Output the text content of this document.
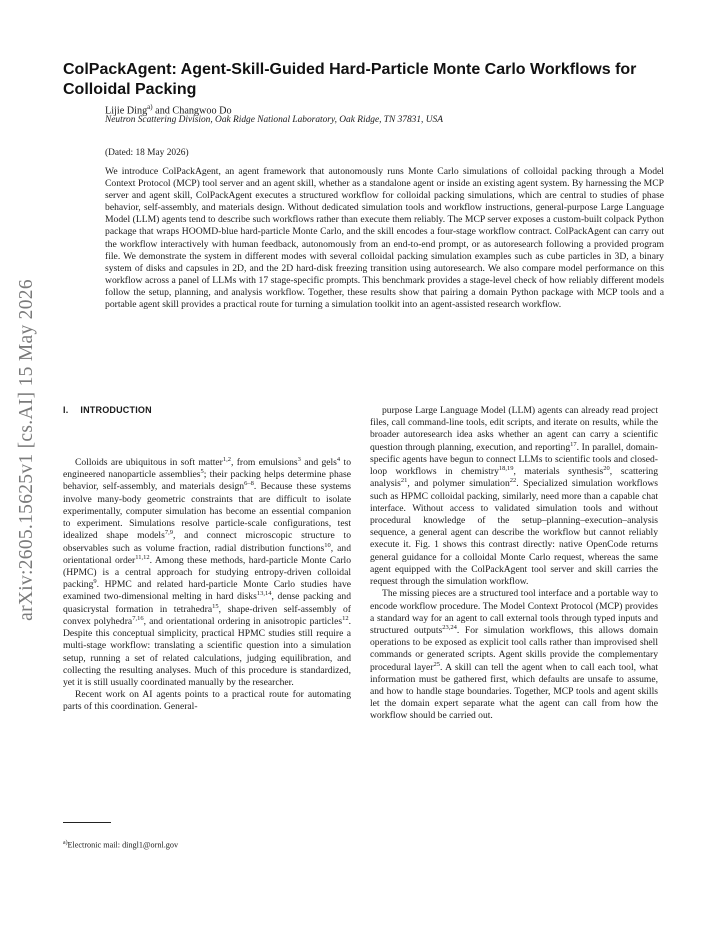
arXiv:2605.15625v1 [cs.AI] 15 May 2026
ColPackAgent: Agent-Skill-Guided Hard-Particle Monte Carlo Workflows for Colloidal Packing
Lijie Ding$^{a)}$ and Changwoo Do
Neutron Scattering Division, Oak Ridge National Laboratory, Oak Ridge, TN 37831, USA
(Dated: 18 May 2026)
We introduce ColPackAgent, an agent framework that autonomously runs Monte Carlo simulations of colloidal packing through a Model Context Protocol (MCP) tool server and an agent skill, whether as a standalone agent or inside an existing agent system. By harnessing the MCP server and agent skill, ColPackAgent executes a structured workflow for colloidal packing simulations, which are central to studies of phase behavior, self-assembly, and materials design. Without dedicated simulation tools and workflow instructions, general-purpose Large Language Model (LLM) agents tend to describe such workflows rather than execute them reliably. The MCP server exposes a custom-built colpack Python package that wraps HOOMD-blue hard-particle Monte Carlo, and the skill encodes a four-stage workflow contract. ColPackAgent can carry out the workflow interactively with human feedback, autonomously from an end-to-end prompt, or as autoresearch following a provided program file. We demonstrate the system in different modes with several colloidal packing simulation examples such as cube particles in 3D, a binary system of disks and capsules in 2D, and the 2D hard-disk freezing transition using autoresearch. We also compare model performance on this workflow across a panel of LLMs with 17 stage-specific prompts. This benchmark provides a stage-level check of how reliably different models follow the setup, planning, and analysis workflow. Together, these results show that pairing a domain Python package with MCP tools and a portable agent skill provides a practical route for turning a simulation toolkit into an agent-assisted research workflow.
I. INTRODUCTION

Colloids are ubiquitous in soft matter$^{1,2}$, from emulsions$^3$ and gels$^4$ to engineered nanoparticle assemblies$^5$; their packing helps determine phase behavior, self-assembly, and materials design$^{6-8}$. Because these systems involve many-body geometric constraints that are difficult to isolate experimentally, computer simulation has become an essential companion to experiment. Simulations resolve particle-scale configurations, test idealized shape models$^{7,9}$, and connect microscopic structure to observables such as volume fraction, radial distribution functions$^{10}$, and orientational order$^{11,12}$. Among these methods, hard-particle Monte Carlo (HPMC) is a central approach for studying entropy-driven colloidal packing$^9$. HPMC and related hard-particle Monte Carlo studies have examined two-dimensional melting in hard disks$^{13,14}$, dense packing and quasicrystal formation in tetrahedra$^{15}$, shape-driven self-assembly of convex polyhedra$^{7,16}$, and orientational ordering in anisotropic particles$^{12}$. Despite this conceptual simplicity, practical HPMC studies still require a multi-stage workflow: translating a scientific question into a simulation setup, running a set of related calculations, judging equilibration, and collecting the resulting analyses. Much of this procedure is standardized, yet it is still usually coordinated manually by the researcher.

Recent work on AI agents points to a practical route for automating parts of this coordination. General-

purpose Large Language Model (LLM) agents can already read project files, call command-line tools, edit scripts, and iterate on results, while the broader autoresearch idea asks whether an agent can carry a scientific question through planning, execution, and reporting$^{17}$. In parallel, domain-specific agents have begun to connect LLMs to scientific tools and closed-loop workflows in chemistry$^{18,19}$, materials synthesis$^{20}$, scattering analysis$^{21}$, and polymer simulation$^{22}$. Specialized simulation workflows such as HPMC colloidal packing, similarly, need more than a capable chat interface. Without access to validated simulation tools and without procedural knowledge of the setup–planning–execution–analysis sequence, a general agent can describe the workflow but cannot reliably execute it. Fig. 1 shows this contrast directly: native OpenCode returns general guidance for a colloidal Monte Carlo request, whereas the same agent equipped with the ColPackAgent tool server and skill carries the request through the simulation workflow.

The missing pieces are a structured tool interface and a portable way to encode workflow procedure. The Model Context Protocol (MCP) provides a standard way for an agent to call external tools through typed inputs and structured outputs$^{23,24}$. For simulation workflows, this allows domain operations to be exposed as explicit tool calls rather than improvised shell commands or generated scripts. Agent skills provide the complementary procedural layer$^{25}$. A skill can tell the agent when to call each tool, what information must be gathered first, which defaults are unsafe to assume, and how to handle stage boundaries. Together, MCP tools and agent skills let the domain expert separate what the agent can call from how the workflow should be carried out.

$^{a)}$Electronic mail: dingl1@ornl.gov
